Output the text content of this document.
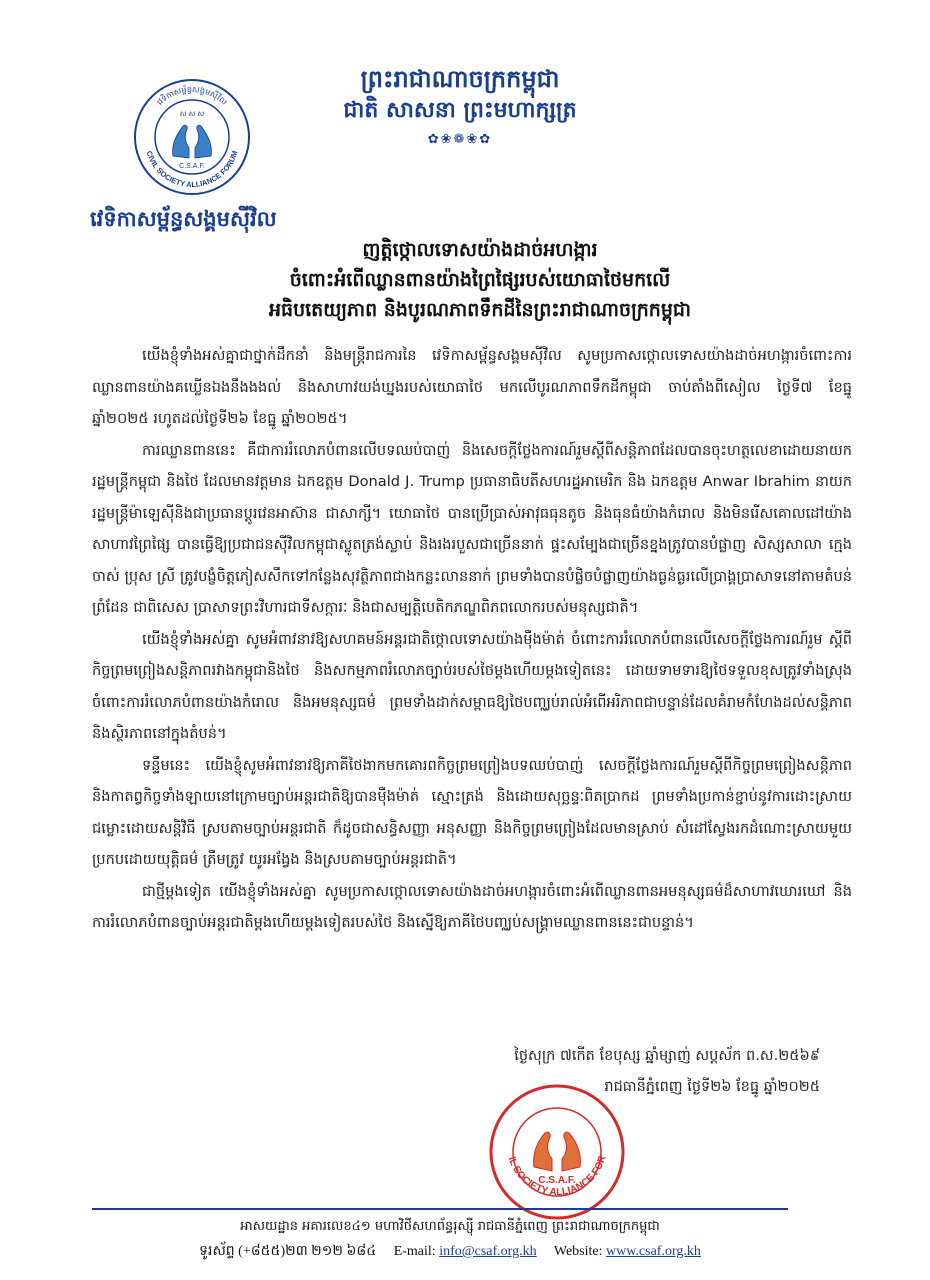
វេទិកាសម្ព័ន្ធសង្គមស៊ីវិល
CIVIL SOCIETY ALLIANCE FORUM
ស ស ស
C.S.A.F.
ព្រះរាជាណាចក្រកម្ពុជា
ជាតិ សាសនា ព្រះមហាក្សត្រ
✿❀❁❀✿
វេទិកាសម្ព័ន្ធសង្គមស៊ីវិល
ញត្តិថ្កោលទោសយ៉ាងដាច់អហង្ការ
ចំពោះអំពើឈ្លានពានយ៉ាងព្រៃផ្សៃរបស់យោធាថៃមកលើ
អធិបតេយ្យភាព និងបូរណភាពទឹកដីនៃព្រះរាជាណាចក្រកម្ពុជា

យើងខ្ញុំទាំងអស់គ្នាជាថ្នាក់ដឹកនាំ និងមន្ត្រីរាជការនៃ វេទិកាសម្ព័ន្ធសង្គមស៊ីវិល សូមប្រកាសថ្កោលទោសយ៉ាងដាច់អហង្ការចំពោះការឈ្លានពានយ៉ាងគឃ្លើនឯងនឹងងងល់ និងសាហាវយង់ឃ្នងរបស់យោធាថៃ មកលើបូរណភាពទឹកដីកម្ពុជា ចាប់តាំងពីសៀល ថ្ងៃទី៧ ខែធ្នូ ឆ្នាំ២០២៥ រហូតដល់ថ្ងៃទី២៦ ខែធ្នូ ឆ្នាំ២០២៥។

ការឈ្លានពាននេះ គឺជាការរំលោភបំពានលើបទឈប់បាញ់ និងសេចក្ដីថ្លែងការណ៍រួមស្តីពីសន្តិភាពដែលបានចុះហត្ថលេខាដោយនាយករដ្ឋមន្ត្រីកម្ពុជា និងថៃ ដែលមានវត្តមាន ឯកឧត្តម Donald J. Trump ប្រធានាធិបតីសហរដ្ឋអាមេរិក និង ឯកឧត្តម Anwar Ibrahim នាយករដ្ឋមន្ត្រីម៉ាឡេស៊ីនិងជាប្រធានប្ដូរវេនអាស៊ាន ជាសាក្សី។ យោធាថៃ បានប្រើប្រាស់អាវុធធុនតូច និងធុនធំយ៉ាងកំរោល និងមិនរើសគោលដៅយ៉ាងសាហាវព្រៃផ្សៃ បានធ្វើឱ្យប្រជាជនស៊ីវិលកម្ពុជាស្លូតត្រង់ស្លាប់ និងរងរបួសជាច្រើននាក់ ផ្ទះសម្បែងជាច្រើនខ្នងត្រូវបានបំផ្លាញ សិស្សសាលា ក្មេងចាស់ ប្រុស ស្រី ត្រូវបង្ខំចិត្តភៀសសឹកទៅកន្លែងសុវត្ថិភាពជាងកន្លះលាននាក់ ព្រមទាំងបានបំផ្លិចបំផ្លាញយ៉ាងធ្ងន់ធ្ងរលើប្រាង្គប្រាសាទនៅតាមតំបន់ព្រំដែន ជាពិសេស ប្រាសាទព្រះវិហារជាទីសក្ការៈ និងជាសម្បត្តិបេតិកភណ្ឌពិភពលោករបស់មនុស្សជាតិ។

យើងខ្ញុំទាំងអស់គ្នា សូមអំពាវនាវឱ្យសហគមន៍អន្តរជាតិថ្កោលទោសយ៉ាងម៉ឺងម៉ាត់ ចំពោះការរំលោភបំពានលើសេចក្ដីថ្លែងការណ៍រួម ស្ដីពីកិច្ចព្រមព្រៀងសន្តិភាពរវាងកម្ពុជានិងថៃ និងសកម្មភាពរំលោភច្បាប់របស់ថៃម្ដងហើយម្ដងទៀតនេះ ដោយទាមទារឱ្យថៃទទួលខុសត្រូវទាំងស្រុង ចំពោះការរំលោភបំពានយ៉ាងកំរោល និងអមនុស្សធម៌ ព្រមទាំងដាក់សម្ពាធឱ្យថៃបញ្ឈប់រាល់អំពើអរិភាពជាបន្ទាន់ដែលគំរាមកំហែងដល់សន្តិភាពនិងស្ថិរភាពនៅក្នុងតំបន់។

ទន្ទឹមនេះ យើងខ្ញុំសូមអំពាវនាវឱ្យភាគីថៃងាកមកគោរពកិច្ចព្រមព្រៀងបទឈប់បាញ់ សេចក្ដីថ្លែងការណ៍រួមស្ដីពីកិច្ចព្រមព្រៀងសន្តិភាព និងកាតព្វកិច្ចទាំងឡាយនៅក្រោមច្បាប់អន្តរជាតិឱ្យបានម៉ឺងម៉ាត់ ស្មោះត្រង់ និងដោយសុច្ឆន្ទៈពិតប្រាកដ ព្រមទាំងប្រកាន់ខ្ជាប់នូវការដោះស្រាយ ជម្លោះដោយសន្តិវិធី ស្របតាមច្បាប់អន្តរជាតិ ក៏ដូចជាសន្ធិសញ្ញា អនុសញ្ញា និងកិច្ចព្រមព្រៀងដែលមានស្រាប់ សំដៅស្វែងរកដំណោះស្រាយមួយប្រកបដោយយុត្តិធម៌ ត្រឹមត្រូវ យូរអង្វែង និងស្របតាមច្បាប់អន្តរជាតិ។

ជាថ្មីម្ដងទៀត យើងខ្ញុំទាំងអស់គ្នា សូមប្រកាសថ្កោលទោសយ៉ាងដាច់អហង្ការចំពោះអំពើឈ្លានពានអមនុស្សធម៌ដ៏សាហាវឃោរឃៅ និងការរំលោភបំពានច្បាប់អន្តរជាតិម្ដងហើយម្ដងទៀតរបស់ថៃ និងស្នើឱ្យភាគីថៃបញ្ឈប់សង្គ្រាមឈ្លានពាននេះជាបន្ទាន់។

ថ្ងៃសុក្រ ៧កើត ខែបុស្ស ឆ្នាំម្សាញ់ សប្តស័ក ព.ស.២៥៦៩
រាជធានីភ្នំពេញ ថ្ងៃទី២៦ ខែធ្នូ ឆ្នាំ២០២៥
C.S.A.F.
IL SOCIETY ALLIANCE FOR
អាសយដ្ឋាន អគារលេខ៤១ មហាវិថីសហព័ន្ធរុស្ស៊ី រាជធានីភ្នំពេញ ព្រះរាជាណាចក្រកម្ពុជា
ទូរស័ព្ទ (+៨៥៥)២៣ ២១២ ៦៨៤ E-mail: info@csaf.org.kh Website: www.csaf.org.kh
